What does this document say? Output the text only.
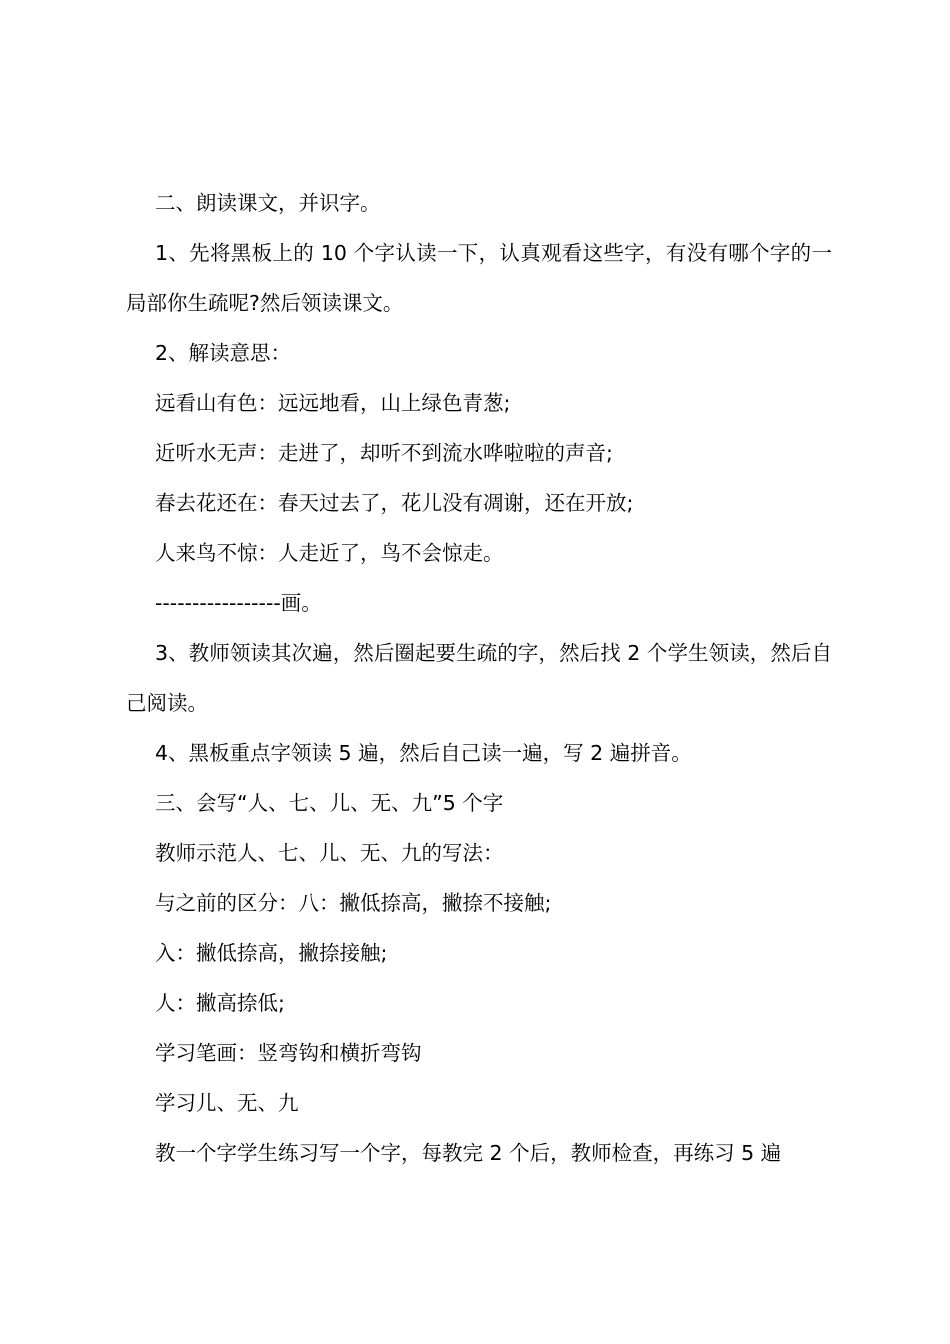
二、朗读课文，并识字。

1、先将黑板上的 10 个字认读一下，认真观看这些字，有没有哪个字的一局部你生疏呢?然后领读课文。

2、解读意思：

远看山有色：远远地看，山上绿色青葱;

近听水无声：走进了，却听不到流水哗啦啦的声音;

春去花还在：春天过去了，花儿没有凋谢，还在开放;

人来鸟不惊：人走近了，鸟不会惊走。

-----------------画。

3、教师领读其次遍，然后圈起要生疏的字，然后找 2 个学生领读，然后自己阅读。

4、黑板重点字领读 5 遍，然后自己读一遍，写 2 遍拼音。

三、会写“人、七、儿、无、九”5 个字

教师示范人、七、儿、无、九的写法：

与之前的区分：八：撇低捺高，撇捺不接触;

入：撇低捺高，撇捺接触;

人：撇高捺低;

学习笔画：竖弯钩和横折弯钩

学习儿、无、九

教一个字学生练习写一个字，每教完 2 个后，教师检查，再练习 5 遍
